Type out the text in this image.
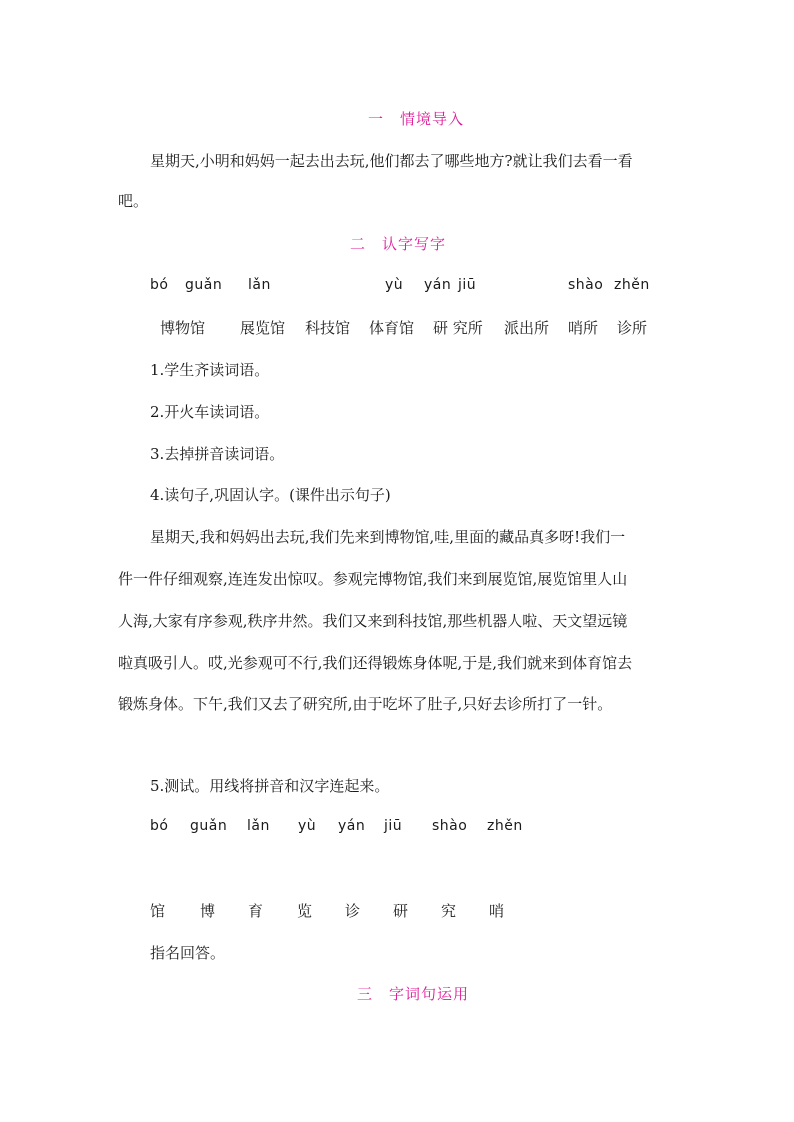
一　情境导入
星期天,小明和妈妈一起去出去玩,他们都去了哪些地方?就让我们去看一看
吧。
二　认字写字
bó guǎn lǎn	yù yán jiū	shào zhěn
博物馆 展览馆 科技馆 体育馆 研 究所 派出所 哨所 诊所
1.学生齐读词语。
2.开火车读词语。
3.去掉拼音读词语。
4.读句子,巩固认字。(课件出示句子)
星期天,我和妈妈出去玩,我们先来到博物馆,哇,里面的藏品真多呀!我们一
件一件仔细观察,连连发出惊叹。参观完博物馆,我们来到展览馆,展览馆里人山
人海,大家有序参观,秩序井然。我们又来到科技馆,那些机器人啦、天文望远镜
啦真吸引人。哎,光参观可不行,我们还得锻炼身体呢,于是,我们就来到体育馆去
锻炼身体。下午,我们又去了研究所,由于吃坏了肚子,只好去诊所打了一针。
5.测试。用线将拼音和汉字连起来。
bó guǎn lǎn yù yán jiū shào zhěn
馆 博 育 览 诊 研 究 哨
指名回答。
三　字词句运用
